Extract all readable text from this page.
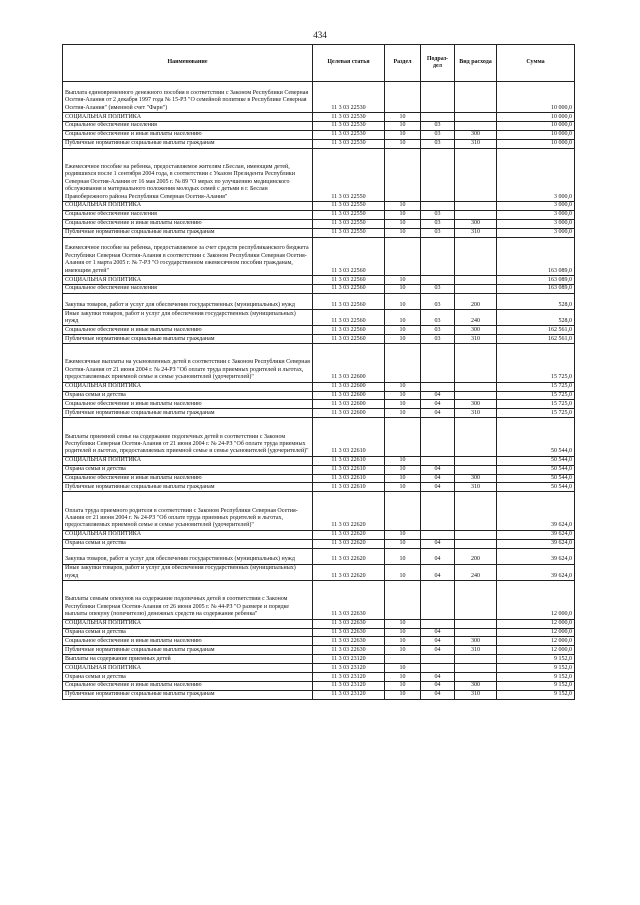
434
Наименование	Целевая статья	Раздел	Подраз-дел	Вид расхода	Сумма
Выплата единовременного денежного пособия в соответствии с Законом Республики Северная Осетия-Алания от 2 декабря 1997 года № 15-РЗ "О семейной политике в Республике Северная Осетия-Алания" (именной счет "Фарн")	11 3 03 22530				10 000,0
СОЦИАЛЬНАЯ ПОЛИТИКА	11 3 03 22530	10			10 000,0
Социальное обеспечение населения	11 3 03 22530	10	03		10 000,0
Социальное обеспечение и иные выплаты населению	11 3 03 22530	10	03	300	10 000,0
Публичные нормативные социальные выплаты гражданам	11 3 03 22530	10	03	310	10 000,0
Ежемесячное пособие на ребенка, предоставляемое жителям г.Беслан, имеющим детей, родившихся после 1 сентября 2004 года, в соответствии с Указом Президента Республики Северная Осетия-Алания от 16 мая 2005 г. № 89 "О мерах по улучшению медицинского обслуживания и материального положения молодых семей с детьми в г. Беслан Правобережного района Республики Северная Осетия-Алания"	11 3 03 22550				3 000,0
СОЦИАЛЬНАЯ ПОЛИТИКА	11 3 03 22550	10			3 000,0
Социальное обеспечение населения	11 3 03 22550	10	03		3 000,0
Социальное обеспечение и иные выплаты населению	11 3 03 22550	10	03	300	3 000,0
Публичные нормативные социальные выплаты гражданам	11 3 03 22550	10	03	310	3 000,0
Ежемесячное пособие на ребенка, предоставляемое за счет средств республиканского бюджета Республики Северная Осетия-Алания в соответствии с Законом Республики Северная Осетия-Алания от 1 марта 2005 г. № 7-РЗ "О государственном ежемесячном пособии гражданам, имеющим детей"	11 3 03 22560				163 089,0
СОЦИАЛЬНАЯ ПОЛИТИКА	11 3 03 22560	10			163 089,0
Социальное обеспечение населения	11 3 03 22560	10	03		163 089,0
Закупка товаров, работ и услуг для обеспечения государственных (муниципальных) нужд	11 3 03 22560	10	03	200	528,0
Иные закупки товаров, работ и услуг для обеспечения государственных (муниципальных) нужд	11 3 03 22560	10	03	240	528,0
Социальное обеспечение и иные выплаты населению	11 3 03 22560	10	03	300	162 561,0
Публичные нормативные социальные выплаты гражданам	11 3 03 22560	10	03	310	162 561,0
Ежемесячные выплаты на усыновленных детей в соответствии с Законом Республики Северная Осетия-Алания от 21 июня 2004 г. № 24-РЗ "Об оплате труда приемных родителей и льготах, предоставляемых приемной семье и семье усыновителей (удочерителей)"	11 3 03 22600				15 725,0
СОЦИАЛЬНАЯ ПОЛИТИКА	11 3 03 22600	10			15 725,0
Охрана семьи и детства	11 3 03 22600	10	04		15 725,0
Социальное обеспечение и иные выплаты населению	11 3 03 22600	10	04	300	15 725,0
Публичные нормативные социальные выплаты гражданам	11 3 03 22600	10	04	310	15 725,0
Выплаты приемной семье на содержание подопечных детей в соответствии с Законом Республики Северная Осетия-Алания от 21 июня 2004 г. № 24-РЗ "Об оплате труда приемных родителей и льготах, предоставляемых приемной семье и семье усыновителей (удочерителей)"	11 3 03 22610				50 544,0
СОЦИАЛЬНАЯ ПОЛИТИКА	11 3 03 22610	10			50 544,0
Охрана семьи и детства	11 3 03 22610	10	04		50 544,0
Социальное обеспечение и иные выплаты населению	11 3 03 22610	10	04	300	50 544,0
Публичные нормативные социальные выплаты гражданам	11 3 03 22610	10	04	310	50 544,0
Оплата труда приемного родителя в соответствии с Законом Республики Северная Осетия-Алания от 21 июня 2004 г. № 24-РЗ "Об оплате труда приемных родителей и льготах, предоставляемых приемной семье и семье усыновителей (удочерителей)"	11 3 03 22620				39 624,0
СОЦИАЛЬНАЯ ПОЛИТИКА	11 3 03 22620	10			39 624,0
Охрана семьи и детства	11 3 03 22620	10	04		39 624,0
Закупка товаров, работ и услуг для обеспечения государственных (муниципальных) нужд	11 3 03 22620	10	04	200	39 624,0
Иные закупки товаров, работ и услуг для обеспечения государственных (муниципальных) нужд	11 3 03 22620	10	04	240	39 624,0
Выплаты семьям опекунов на содержание подопечных детей в соответствии с Законом Республики Северная Осетия-Алания от 26 июня 2005 г. № 44-РЗ "О размере и порядке выплаты опекуну (попечителю) денежных средств на содержание ребенка"	11 3 03 22630				12 000,0
СОЦИАЛЬНАЯ ПОЛИТИКА	11 3 03 22630	10			12 000,0
Охрана семьи и детства	11 3 03 22630	10	04		12 000,0
Социальное обеспечение и иные выплаты населению	11 3 03 22630	10	04	300	12 000,0
Публичные нормативные социальные выплаты гражданам	11 3 03 22630	10	04	310	12 000,0
Выплаты на содержание приемных детей	11 3 03 23120				9 152,0
СОЦИАЛЬНАЯ ПОЛИТИКА	11 3 03 23120	10			9 152,0
Охрана семьи и детства	11 3 03 23120	10	04		9 152,0
Социальное обеспечение и иные выплаты населению	11 3 03 23120	10	04	300	9 152,0
Публичные нормативные социальные выплаты гражданам	11 3 03 23120	10	04	310	9 152,0
